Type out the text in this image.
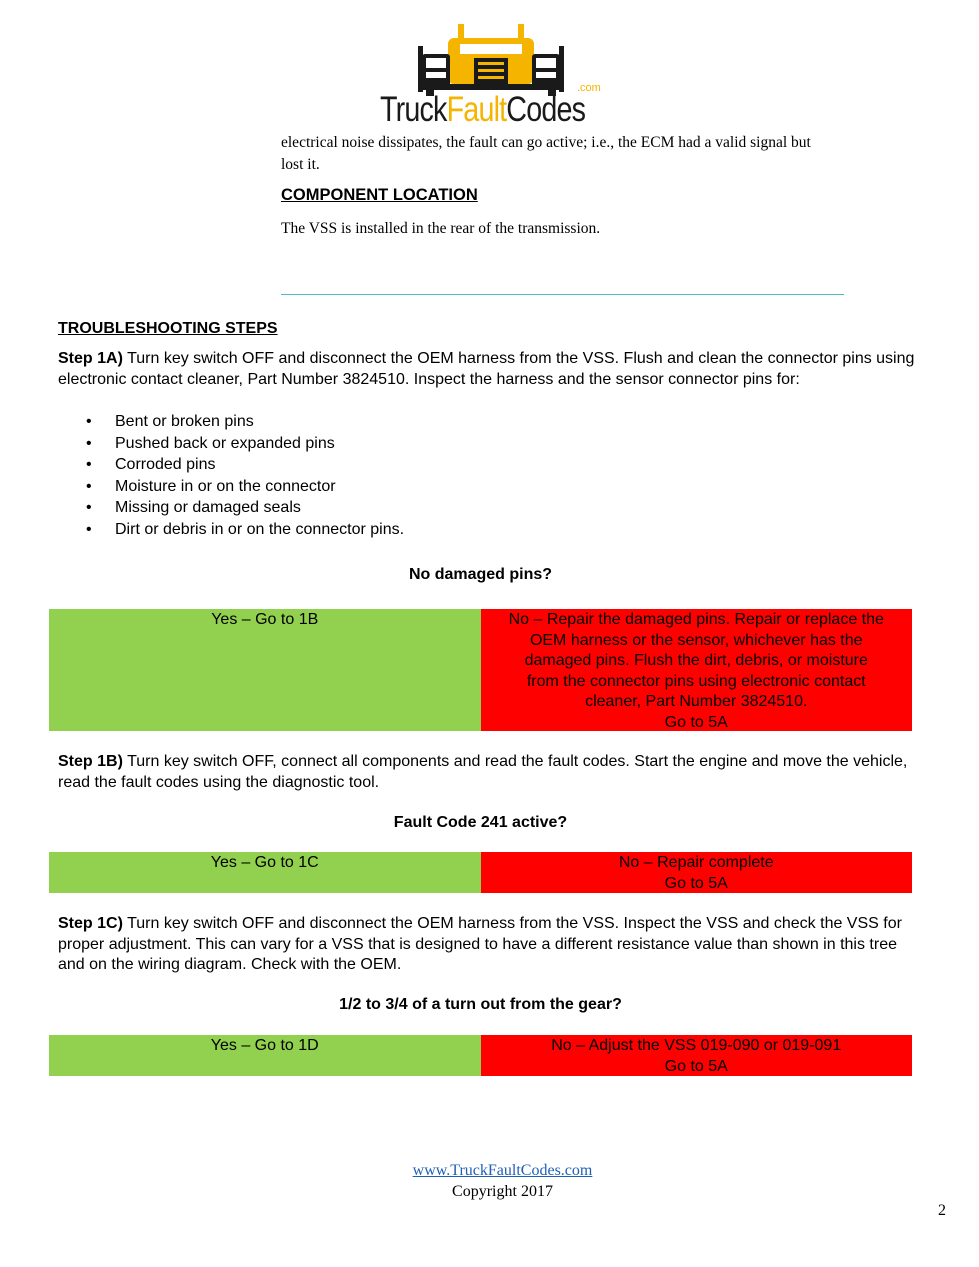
.com
TruckFaultCodes
electrical noise dissipates, the fault can go active; i.e., the ECM had a valid signal but lost it.
COMPONENT LOCATION
The VSS is installed in the rear of the transmission.
TROUBLESHOOTING STEPS
Step 1A) Turn key switch OFF and disconnect the OEM harness from the VSS. Flush and clean the connector pins using electronic contact cleaner, Part Number 3824510. Inspect the harness and the sensor connector pins for:
• Bent or broken pins
• Pushed back or expanded pins
• Corroded pins
• Moisture in or on the connector
• Missing or damaged seals
• Dirt or debris in or on the connector pins.
No damaged pins?
Yes – Go to 1B	No – Repair the damaged pins. Repair or replace the
OEM harness or the sensor, whichever has the
damaged pins. Flush the dirt, debris, or moisture
from the connector pins using electronic contact
cleaner, Part Number 3824510.
Go to 5A
Step 1B) Turn key switch OFF, connect all components and read the fault codes. Start the engine and move the vehicle, read the fault codes using the diagnostic tool.
Fault Code 241 active?
Yes – Go to 1C	No – Repair complete
Go to 5A
Step 1C) Turn key switch OFF and disconnect the OEM harness from the VSS. Inspect the VSS and check the VSS for proper adjustment. This can vary for a VSS that is designed to have a different resistance value than shown in this tree and on the wiring diagram. Check with the OEM.
1/2 to 3/4 of a turn out from the gear?
Yes – Go to 1D	No – Adjust the VSS 019-090 or 019-091
Go to 5A
www.TruckFaultCodes.com
Copyright 2017
2
